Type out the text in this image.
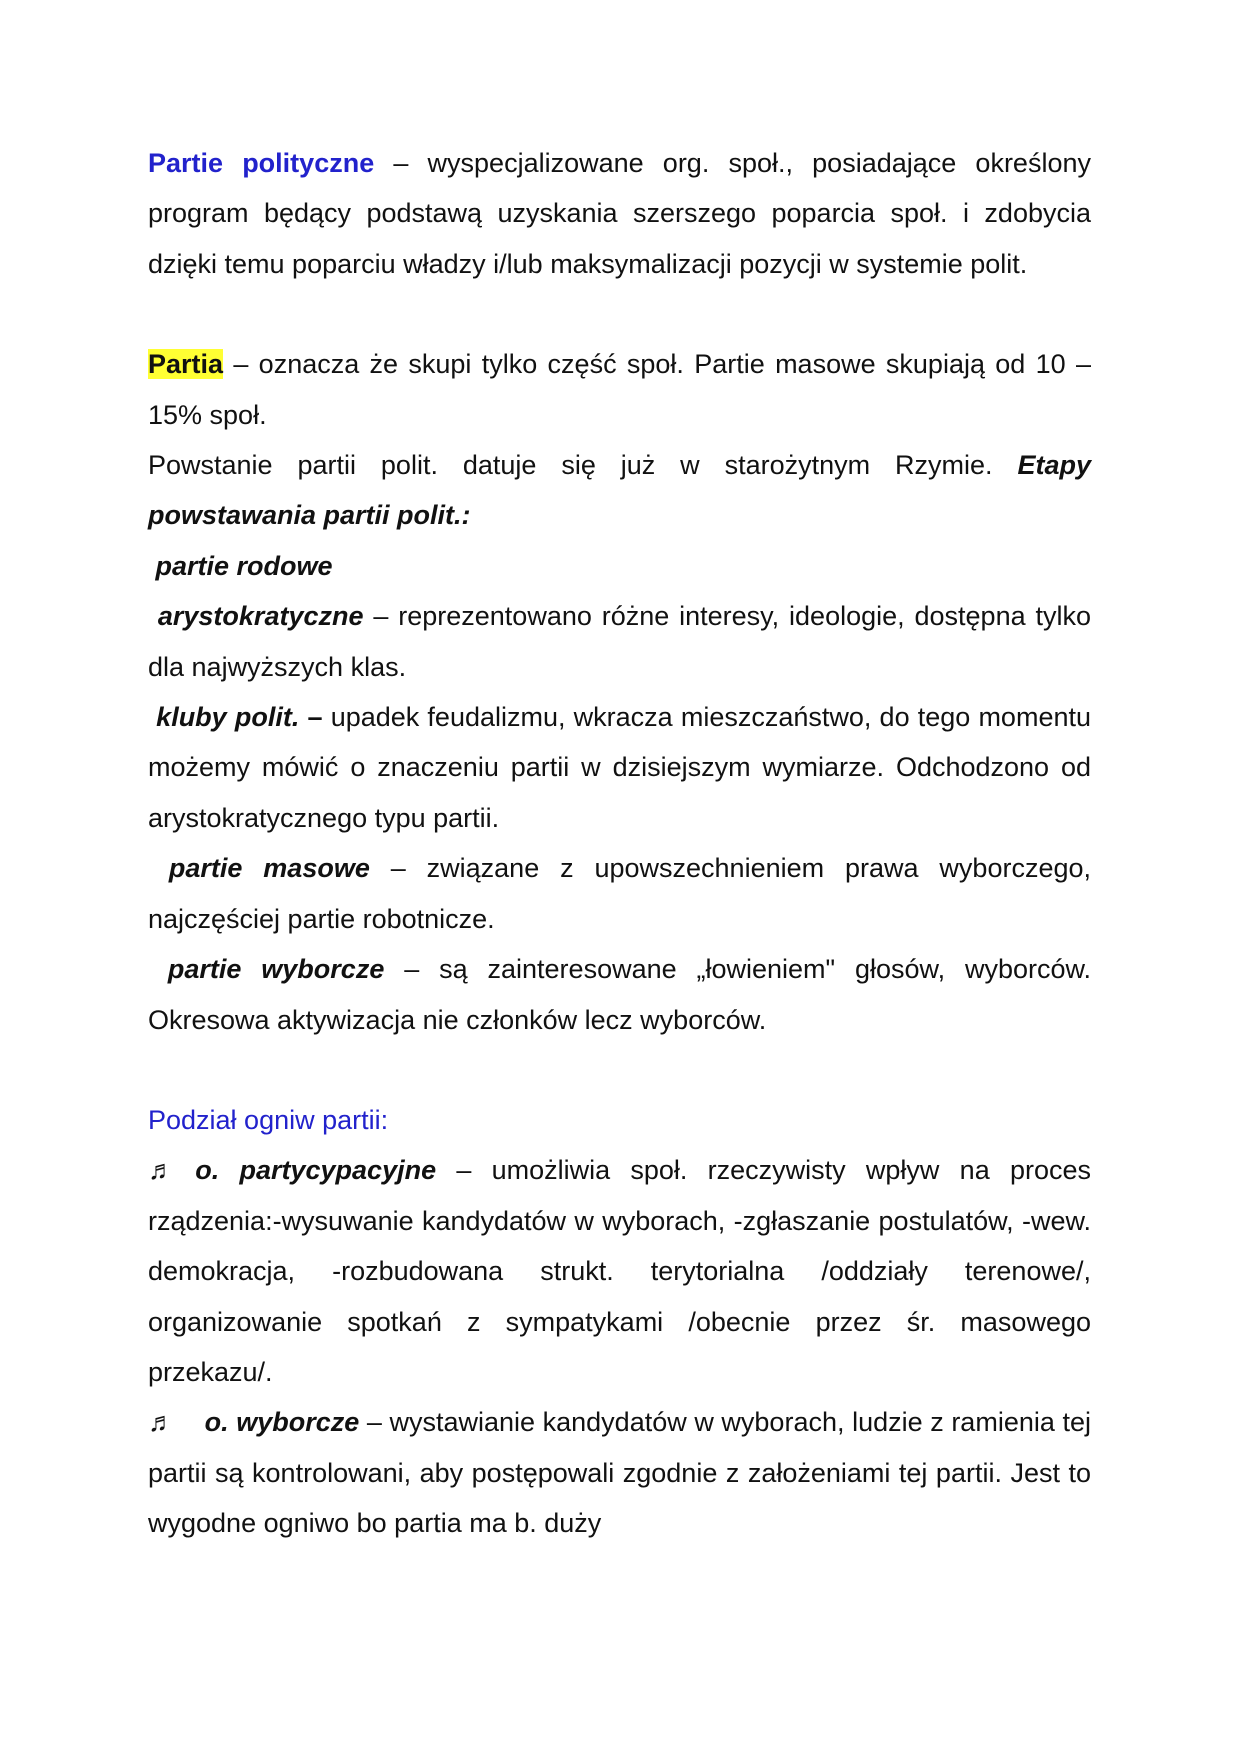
Partie polityczne – wyspecjalizowane org. społ., posiadające określony program będący podstawą uzyskania szerszego poparcia społ. i zdobycia dzięki temu poparciu władzy i/lub maksymalizacji pozycji w systemie polit.

Partia – oznacza że skupi tylko część społ. Partie masowe skupiają od 10 – 15% społ.

Powstanie partii polit. datuje się już w starożytnym Rzymie. Etapy powstawania partii polit.:

partie rodowe

arystokratyczne – reprezentowano różne interesy, ideologie, dostępna tylko dla najwyższych klas.

kluby polit. – upadek feudalizmu, wkracza mieszczaństwo, do tego momentu możemy mówić o znaczeniu partii w dzisiejszym wymiarze. Odchodzono od arystokratycznego typu partii.

partie masowe – związane z upowszechnieniem prawa wyborczego, najczęściej partie robotnicze.

partie wyborcze – są zainteresowane „łowieniem" głosów, wyborców. Okresowa aktywizacja nie członków lecz wyborców.

Podział ogniw partii:

♬ o. partycypacyjne – umożliwia społ. rzeczywisty wpływ na proces rządzenia:-wysuwanie kandydatów w wyborach, -zgłaszanie postulatów, -wew. demokracja, -rozbudowana strukt. terytorialna /oddziały terenowe/, organizowanie spotkań z sympatykami /obecnie przez śr. masowego przekazu/.

♬ o. wyborcze – wystawianie kandydatów w wyborach, ludzie z ramienia tej partii są kontrolowani, aby postępowali zgodnie z założeniami tej partii. Jest to wygodne ogniwo bo partia ma b. duży
